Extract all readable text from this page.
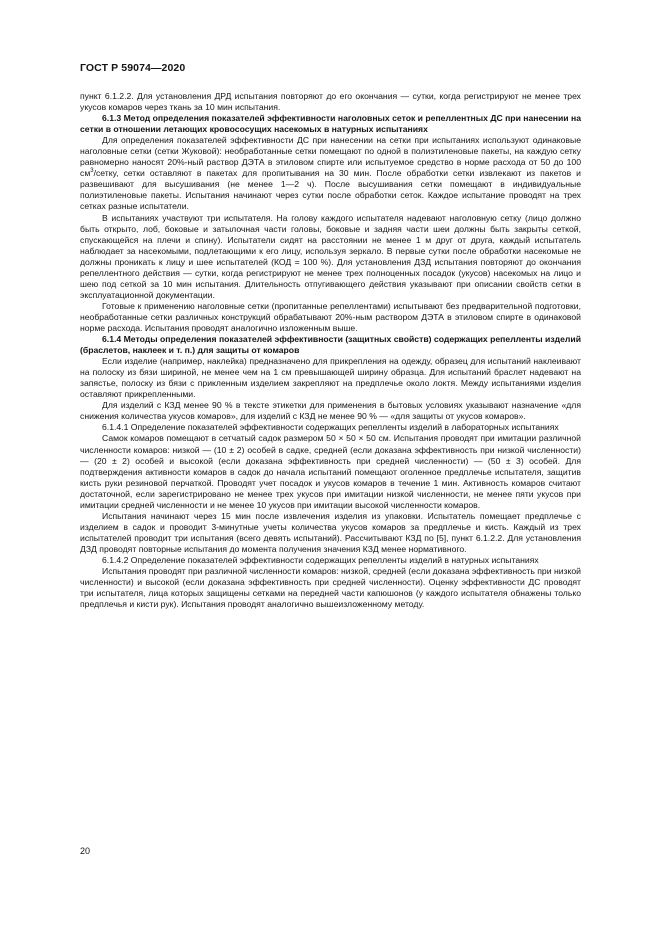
ГОСТ Р 59074—2020

пункт 6.1.2.2. Для установления ДРД испытания повторяют до его окончания — сутки, когда регистрируют не менее трех укусов комаров через ткань за 10 мин испытания.

6.1.3 Метод определения показателей эффективности наголовных сеток и репеллентных ДС при нанесении на сетки в отношении летающих кровососущих насекомых в натурных испытаниях

Для определения показателей эффективности ДС при нанесении на сетки при испытаниях используют одинаковые наголовные сетки (сетки Жуковой): необработанные сетки помещают по одной в полиэтиленовые пакеты, на каждую сетку равномерно наносят 20%-ный раствор ДЭТА в этиловом спирте или испытуемое средство в норме расхода от 50 до 100 $см^3$/сетку, сетки оставляют в пакетах для пропитывания на 30 мин. После обработки сетки извлекают из пакетов и развешивают для высушивания (не менее 1—2 ч). После высушивания сетки помещают в индивидуальные полиэтиленовые пакеты. Испытания начинают через сутки после обработки сеток. Каждое испытание проводят на трех сетках разные испытатели.

В испытаниях участвуют три испытателя. На голову каждого испытателя надевают наголовную сетку (лицо должно быть открыто, лоб, боковые и затылочная части головы, боковые и задняя части шеи должны быть закрыты сеткой, спускающейся на плечи и спину). Испытатели сидят на расстоянии не менее 1 м друг от друга, каждый испытатель наблюдает за насекомыми, подлетающими к его лицу, используя зеркало. В первые сутки после обработки насекомые не должны проникать к лицу и шее испытателей (КОД = 100 %). Для установления ДЗД испытания повторяют до окончания репеллентного действия — сутки, когда регистрируют не менее трех полноценных посадок (укусов) насекомых на лицо и шею под сеткой за 10 мин испытания. Длительность отпугивающего действия указывают при описании свойств сетки в эксплуатационной документации.

Готовые к применению наголовные сетки (пропитанные репеллентами) испытывают без предварительной подготовки, необработанные сетки различных конструкций обрабатывают 20%-ным раствором ДЭТА в этиловом спирте в одинаковой норме расхода. Испытания проводят аналогично изложенным выше.

6.1.4 Методы определения показателей эффективности (защитных свойств) содержащих репелленты изделий (браслетов, наклеек и т. п.) для защиты от комаров

Если изделие (например, наклейка) предназначено для прикрепления на одежду, образец для испытаний наклеивают на полоску из бязи шириной, не менее чем на 1 см превышающей ширину образца. Для испытаний браслет надевают на запястье, полоску из бязи с прикленным изделием закрепляют на предплечье около локтя. Между испытаниями изделия оставляют прикрепленными.

Для изделий с КЗД менее 90 % в тексте этикетки для применения в бытовых условиях указывают назначение «для снижения количества укусов комаров», для изделий с КЗД не менее 90 % — «для защиты от укусов комаров».

6.1.4.1 Определение показателей эффективности содержащих репелленты изделий в лабораторных испытаниях

Самок комаров помещают в сетчатый садок размером 50 × 50 × 50 см. Испытания проводят при имитации различной численности комаров: низкой — (10 ± 2) особей в садке, средней (если доказана эффективность при низкой численности) — (20 ± 2) особей и высокой (если доказана эффективность при средней численности) — (50 ± 3) особей. Для подтверждения активности комаров в садок до начала испытаний помещают оголенное предплечье испытателя, защитив кисть руки резиновой перчаткой. Проводят учет посадок и укусов комаров в течение 1 мин. Активность комаров считают достаточной, если зарегистрировано не менее трех укусов при имитации низкой численности, не менее пяти укусов при имитации средней численности и не менее 10 укусов при имитации высокой численности комаров.

Испытания начинают через 15 мин после извлечения изделия из упаковки. Испытатель помещает предплечье с изделием в садок и проводит 3-минутные учеты количества укусов комаров за предплечье и кисть. Каждый из трех испытателей проводит три испытания (всего девять испытаний). Рассчитывают КЗД по [5], пункт 6.1.2.2. Для установления ДЗД проводят повторные испытания до момента получения значения КЗД менее нормативного.

6.1.4.2 Определение показателей эффективности содержащих репелленты изделий в натурных испытаниях

Испытания проводят при различной численности комаров: низкой, средней (если доказана эффективность при низкой численности) и высокой (если доказана эффективность при средней численности). Оценку эффективности ДС проводят три испытателя, лица которых защищены сетками на передней части капюшонов (у каждого испытателя обнажены только предплечья и кисти рук). Испытания проводят аналогично вышеизложенному методу.

20
